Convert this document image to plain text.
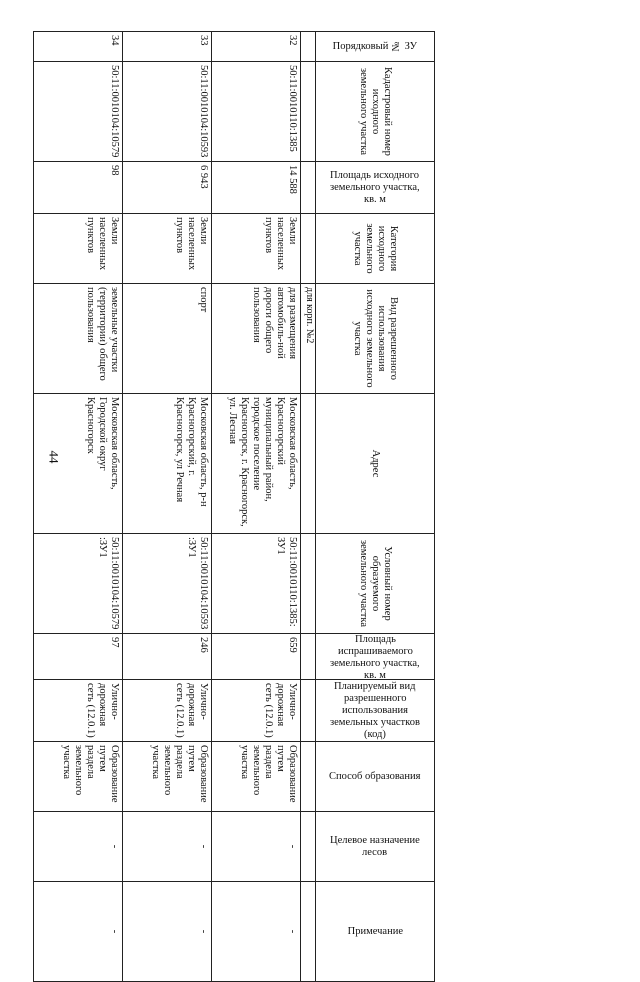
44
Порядковый № ЗУ	Кадастровый номер исходного земельного участка	Площадь исходного земельного участка, кв. м	Категория исходного земельного участка	Вид разрешенного использования исходного земельного участка	Адрес	Условный номер образуемого земельного участка	Площадь испрашиваемого земельного участка, кв. м	Планируемый вид разрешенного использования земельных участков (код)	Способ образования	Целевое назначение лесов	Примечание

				для корп. №2							
32	50:11:0010110:1385	14 588	Земли населенных пунктов	для размещения автомобиль-ной дороги общего пользования	Московская область, Красногорский муниципальный район, городское поселение Красногорск, г. Красногорск, ул. Лесная	50:11:0010110:1385:ЗУ1	659	Улично-дорожная сеть (12.0.1)	Образование путем раздела земельного участка	-	-
33	50:11:0010104:10593	6 943	Земли населенных пунктов	спорт	Московская область, р-н Красногорский, г. Красногорск, ул Речная	50:11:0010104:10593:ЗУ1	246	Улично-дорожная сеть (12.0.1)	Образование путем раздела земельного участка	-	-
34	50:11:0010104:10579	98	Земли населенных пунктов	земельные участки (территории) общего пользования	Московская область, Городской округ Красногорск	50:11:0010104:10579:ЗУ1	97	Улично-дорожная сеть (12.0.1)	Образование путем раздела земельного участка	-	-
